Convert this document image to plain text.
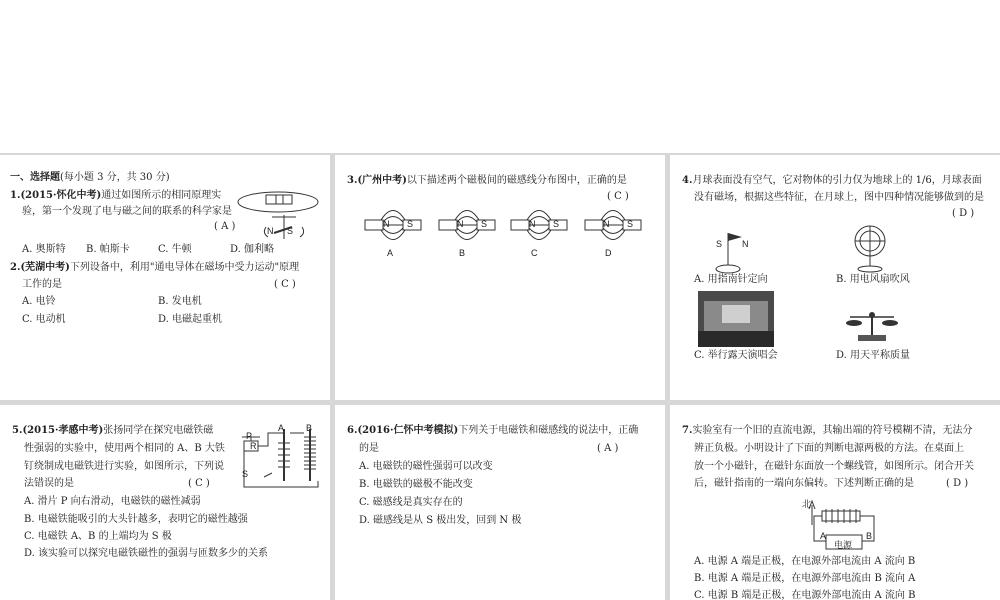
一、选择题(每小题 3 分，共 30 分)
1.(2015·怀化中考)通过如图所示的相同原理实
验，第一个发现了电与磁之间的联系的科学家是
( A )	N S
A. 奥斯特 B. 帕斯卡	C. 牛顿	D. 伽利略
2.(芜湖中考)下列设备中，利用"通电导体在磁场中受力运动"原理
工作的是	( C )
A. 电铃	B. 发电机
C. 电动机	D. 电磁起重机
3.(广州中考)以下描述两个磁极间的磁感线分布图中，正确的是
( C )
N S	N S	N S	N S
A	B	C	D
4.月球表面没有空气，它对物体的引力仅为地球上的 1/6，月球表面
没有磁场，根据这些特征，在月球上，图中四种情况能够做到的是
( D )
S N
A. 用指南针定向	B. 用电风扇吹风
C. 举行露天演唱会	D. 用天平称质量
5.(2015·孝感中考)张扬同学在探究电磁铁磁
性强弱的实验中，使用两个相同的 A、B 大铁
钉绕制成电磁铁进行实验，如图所示，下列说
法错误的是	( C )
P
R
S
A B
A. 滑片 P 向右滑动，电磁铁的磁性减弱
B. 电磁铁能吸引的大头针越多，表明它的磁性越强
C. 电磁铁 A、B 的上端均为 S 极
D. 该实验可以探究电磁铁磁性的强弱与匝数多少的关系
6.(2016·仁怀中考模拟)下列关于电磁铁和磁感线的说法中，正确
的是	( A )
A. 电磁铁的磁性强弱可以改变
B. 电磁铁的磁极不能改变
C. 磁感线是真实存在的
D. 磁感线是从 S 极出发，回到 N 极
7.实验室有一个旧的直流电源，其输出端的符号模糊不清，无法分
辨正负极。小明设计了下面的判断电源两极的方法。在桌面上
放一个小磁针，在磁针东面放一个螺线管，如图所示。闭合开关
后，磁针指南的一端向东偏转。下述判断正确的是	( D )
北
电源
A	B
A. 电源 A 端是正极，在电源外部电流由 A 流向 B
B. 电源 A 端是正极，在电源外部电流由 B 流向 A
C. 电源 B 端是正极，在电源外部电流由 A 流向 B
